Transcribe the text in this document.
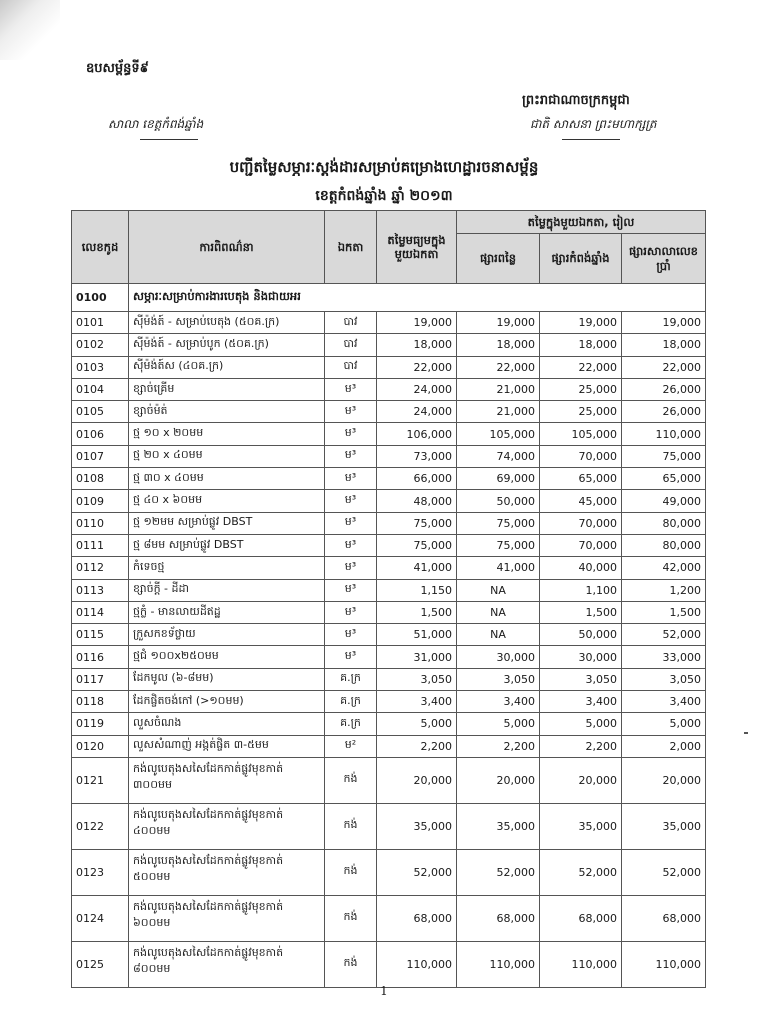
ឧបសម្ព័ន្ធទី៩
ព្រះរាជាណាចក្រកម្ពុជា
សាលា ខេត្តកំពង់ឆ្នាំង	ជាតិ សាសនា ព្រះមហាក្សត្រ
បញ្ជីតម្លៃសម្ភារៈស្តង់ដារសម្រាប់គម្រោងហេដ្ឋារចនាសម្ព័ន្ធ
ខេត្តកំពង់ឆ្នាំង ឆ្នាំ ២០១៣
លេខកូដ	ការពិពណ៌នា	ឯកតា	តម្លៃមធ្យមក្នុងមួយឯកតា	តម្លៃក្នុងមួយឯកតា, រៀល		
				ផ្សារពន្លៃ	ផ្សារកំពង់ឆ្នាំង	ផ្សារសាលាលេខប្រាំ
0100	សម្ភារៈសម្រាប់ការងារបេតុង និងជាយអរ					
0101	ស៊ីម៉ង់ត៍ - សម្រាប់បេតុង (៥០គ.ក្រ)	បាវ	19,000	19,000	19,000	19,000
0102	ស៊ីម៉ង់ត៍ - សម្រាប់បូក (៥០គ.ក្រ)	បាវ	18,000	18,000	18,000	18,000
0103	ស៊ីម៉ង់ត៍ស (៤០គ.ក្រ)	បាវ	22,000	22,000	22,000	22,000
0104	ខ្សាច់គ្រើម	ម³	24,000	21,000	25,000	26,000
0105	ខ្សាច់ម៉ត់	ម³	24,000	21,000	25,000	26,000
0106	ថ្ម ១០ x ២០មម	ម³	106,000	105,000	105,000	110,000
0107	ថ្ម ២០ x ៤០មម	ម³	73,000	74,000	70,000	75,000
0108	ថ្ម ៣០ x ៤០មម	ម³	66,000	69,000	65,000	65,000
0109	ថ្ម ៤០ x ៦០មម	ម³	48,000	50,000	45,000	49,000
0110	ថ្ម ១២មម សម្រាប់ផ្លូវ DBST	ម³	75,000	75,000	70,000	80,000
0111	ថ្ម ៨មម សម្រាប់ផ្លូវ DBST	ម³	75,000	75,000	70,000	80,000
0112	កំទេចថ្ម	ម³	41,000	41,000	40,000	42,000
0113	ខ្សាច់ក្តី - ដីដា	ម³	1,150	NA	1,100	1,200
0114	ថ្មក្លំ - មានលាយដីឥដ្ឋ	ម³	1,500	NA	1,500	1,500
0115	ក្រួសកខទ័ថ្លាយ	ម³	51,000	NA	50,000	52,000
0116	ថ្មជំ ១០០x២៥០មម	ម³	31,000	30,000	30,000	33,000
0117	ដែកមូល (៦-៨មម)	គ.ក្រ	3,050	3,050	3,050	3,050
0118	ដែកផ្ចិតចង់កៅ (>១០មម)	គ.ក្រ	3,400	3,400	3,400	3,400
0119	លួសចំណង	គ.ក្រ	5,000	5,000	5,000	5,000
0120	លួសសំណាញ់ អង្កត់ផ្ចិត ៣-៥មម	ម²	2,200	2,200	2,200	2,000
0121	កង់លូបេតុងសសៃដែកកាត់ផ្លូវមុខកាត់ ៣០០មម	កង់	20,000	20,000	20,000	20,000
0122	កង់លូបេតុងសសៃដែកកាត់ផ្លូវមុខកាត់ ៤០០មម	កង់	35,000	35,000	35,000	35,000
0123	កង់លូបេតុងសសៃដែកកាត់ផ្លូវមុខកាត់ ៥០០មម	កង់	52,000	52,000	52,000	52,000
0124	កង់លូបេតុងសសៃដែកកាត់ផ្លូវមុខកាត់ ៦០០មម	កង់	68,000	68,000	68,000	68,000
0125	កង់លូបេតុងសសៃដែកកាត់ផ្លូវមុខកាត់ ៨០០មម	កង់	110,000	110,000	110,000	110,000
1
